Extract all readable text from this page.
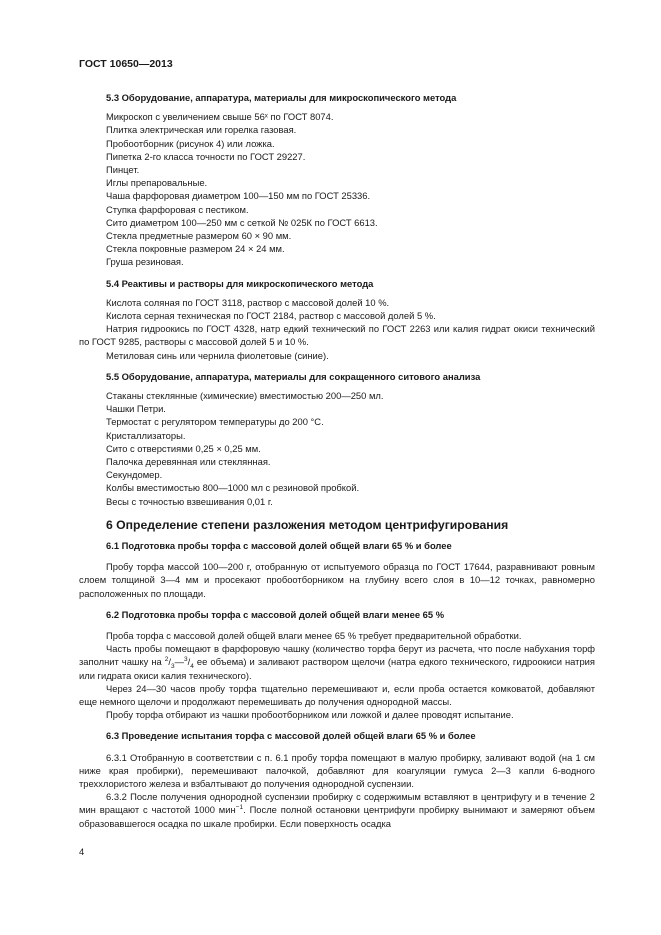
ГОСТ 10650—2013

5.3 Оборудование, аппаратура, материалы для микроскопического метода

Микроскоп с увеличением свыше 56ˣ по ГОСТ 8074.

Плитка электрическая или горелка газовая.

Пробоотборник (рисунок 4) или ложка.

Пипетка 2-го класса точности по ГОСТ 29227.

Пинцет.

Иглы препаровальные.

Чаша фарфоровая диаметром 100—150 мм по ГОСТ 25336.

Ступка фарфоровая с пестиком.

Сито диаметром 100—250 мм с сеткой № 025К по ГОСТ 6613.

Стекла предметные размером 60 × 90 мм.

Стекла покровные размером 24 × 24 мм.

Груша резиновая.

5.4 Реактивы и растворы для микроскопического метода

Кислота соляная по ГОСТ 3118, раствор с массовой долей 10 %.

Кислота серная техническая по ГОСТ 2184, раствор с массовой долей 5 %.

Натрия гидроокись по ГОСТ 4328, натр едкий технический по ГОСТ 2263 или калия гидрат окиси технический по ГОСТ 9285, растворы с массовой долей 5 и 10 %.

Метиловая синь или чернила фиолетовые (синие).

5.5 Оборудование, аппаратура, материалы для сокращенного ситового анализа

Стаканы стеклянные (химические) вместимостью 200—250 мл.

Чашки Петри.

Термостат с регулятором температуры до 200 °С.

Кристаллизаторы.

Сито с отверстиями 0,25 × 0,25 мм.

Палочка деревянная или стеклянная.

Секундомер.

Колбы вместимостью 800—1000 мл с резиновой пробкой.

Весы с точностью взвешивания 0,01 г.

6 Определение степени разложения методом центрифугирования

6.1 Подготовка пробы торфа с массовой долей общей влаги 65 % и более

Пробу торфа массой 100—200 г, отобранную от испытуемого образца по ГОСТ 17644, разравнивают ровным слоем толщиной 3—4 мм и просекают пробоотборником на глубину всего слоя в 10—12 точках, равномерно расположенных по площади.

6.2 Подготовка пробы торфа с массовой долей общей влаги менее 65 %

Проба торфа с массовой долей общей влаги менее 65 % требует предварительной обработки.

Часть пробы помещают в фарфоровую чашку (количество торфа берут из расчета, что после набухания торф заполнит чашку на $^2/_3—^3/_4$ ее объема) и заливают раствором щелочи (натра едкого технического, гидроокиси натрия или гидрата окиси калия технического).

Через 24—30 часов пробу торфа тщательно перемешивают и, если проба остается комковатой, добавляют еще немного щелочи и продолжают перемешивать до получения однородной массы.

Пробу торфа отбирают из чашки пробоотборником или ложкой и далее проводят испытание.

6.3 Проведение испытания торфа с массовой долей общей влаги 65 % и более

6.3.1 Отобранную в соответствии с п. 6.1 пробу торфа помещают в малую пробирку, заливают водой (на 1 см ниже края пробирки), перемешивают палочкой, добавляют для коагуляции гумуса 2—3 капли 6-водного треххлористого железа и взбалтывают до получения однородной суспензии.

6.3.2 После получения однородной суспензии пробирку с содержимым вставляют в центрифугу и в течение 2 мин вращают с частотой 1000 мин$^{-1}$. После полной остановки центрифуги пробирку вынимают и замеряют объем образовавшегося осадка по шкале пробирки. Если поверхность осадка

4
